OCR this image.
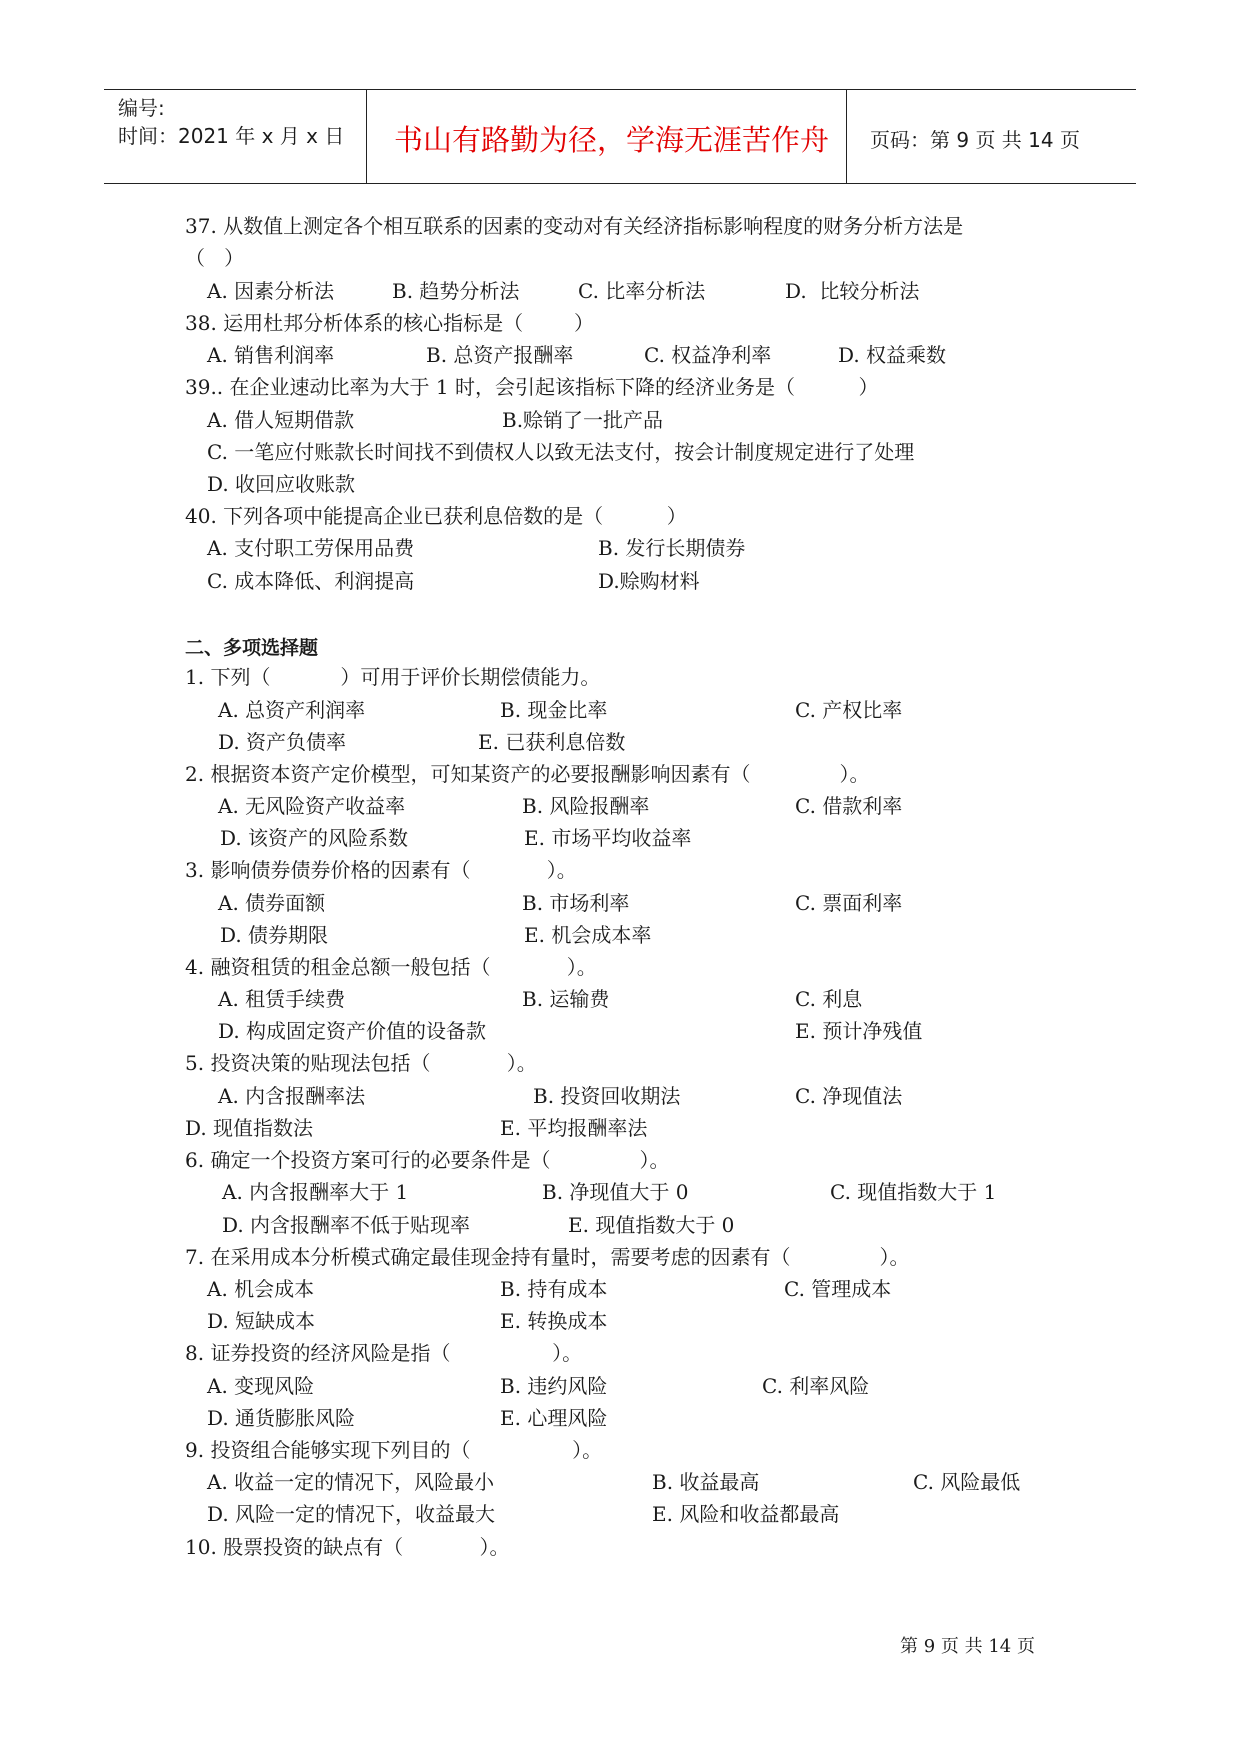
编号:
时间：2021 年 x 月 x 日 书山有路勤为径，学海无涯苦作舟 页码：第 9 页 共 14 页
37. 从数值上测定各个相互联系的因素的变动对有关经济指标影响程度的财务分析方法是
（   ）
A. 因素分析法	B. 趋势分析法	C. 比率分析法	D.  比较分析法
38. 运用杜邦分析体系的核心指标是（        ）
A. 销售利润率	B. 总资产报酬率	C. 权益净利率	D. 权益乘数
39.. 在企业速动比率为大于 1 时，会引起该指标下降的经济业务是（          ）
A. 借人短期借款	B.赊销了一批产品
C. 一笔应付账款长时间找不到债权人以致无法支付，按会计制度规定进行了处理
D. 收回应收账款
40. 下列各项中能提高企业已获利息倍数的是（          ）
A. 支付职工劳保用品费	B. 发行长期债券
C. 成本降低、利润提高	D.赊购材料
二、多项选择题
1. 下列（           ）可用于评价长期偿债能力。
A. 总资产利润率	B. 现金比率	C. 产权比率
D. 资产负债率	E. 已获利息倍数
2. 根据资本资产定价模型，可知某资产的必要报酬影响因素有（              ）。
A. 无风险资产收益率	B. 风险报酬率	C. 借款利率
D. 该资产的风险系数	E. 市场平均收益率
3. 影响债券债券价格的因素有（            ）。
A. 债券面额	B. 市场利率	C. 票面利率
D. 债券期限	E. 机会成本率
4. 融资租赁的租金总额一般包括（            ）。
A. 租赁手续费	B. 运输费	C. 利息
D. 构成固定资产价值的设备款	E. 预计净残值
5. 投资决策的贴现法包括（            ）。
A. 内含报酬率法	B. 投资回收期法	C. 净现值法
D. 现值指数法	E. 平均报酬率法
6. 确定一个投资方案可行的必要条件是（              ）。
A. 内含报酬率大于 1	B. 净现值大于 0	C. 现值指数大于 1
D. 内含报酬率不低于贴现率	E. 现值指数大于 0
7. 在采用成本分析模式确定最佳现金持有量时，需要考虑的因素有（              ）。
A. 机会成本	B. 持有成本	C. 管理成本
D. 短缺成本	E. 转换成本
8. 证券投资的经济风险是指（                ）。
A. 变现风险	B. 违约风险	C. 利率风险
D. 通货膨胀风险	E. 心理风险
9. 投资组合能够实现下列目的（                ）。
A. 收益一定的情况下，风险最小	B. 收益最高	C. 风险最低
D. 风险一定的情况下，收益最大	E. 风险和收益都最高
10. 股票投资的缺点有（            ）。
第 9 页 共 14 页
